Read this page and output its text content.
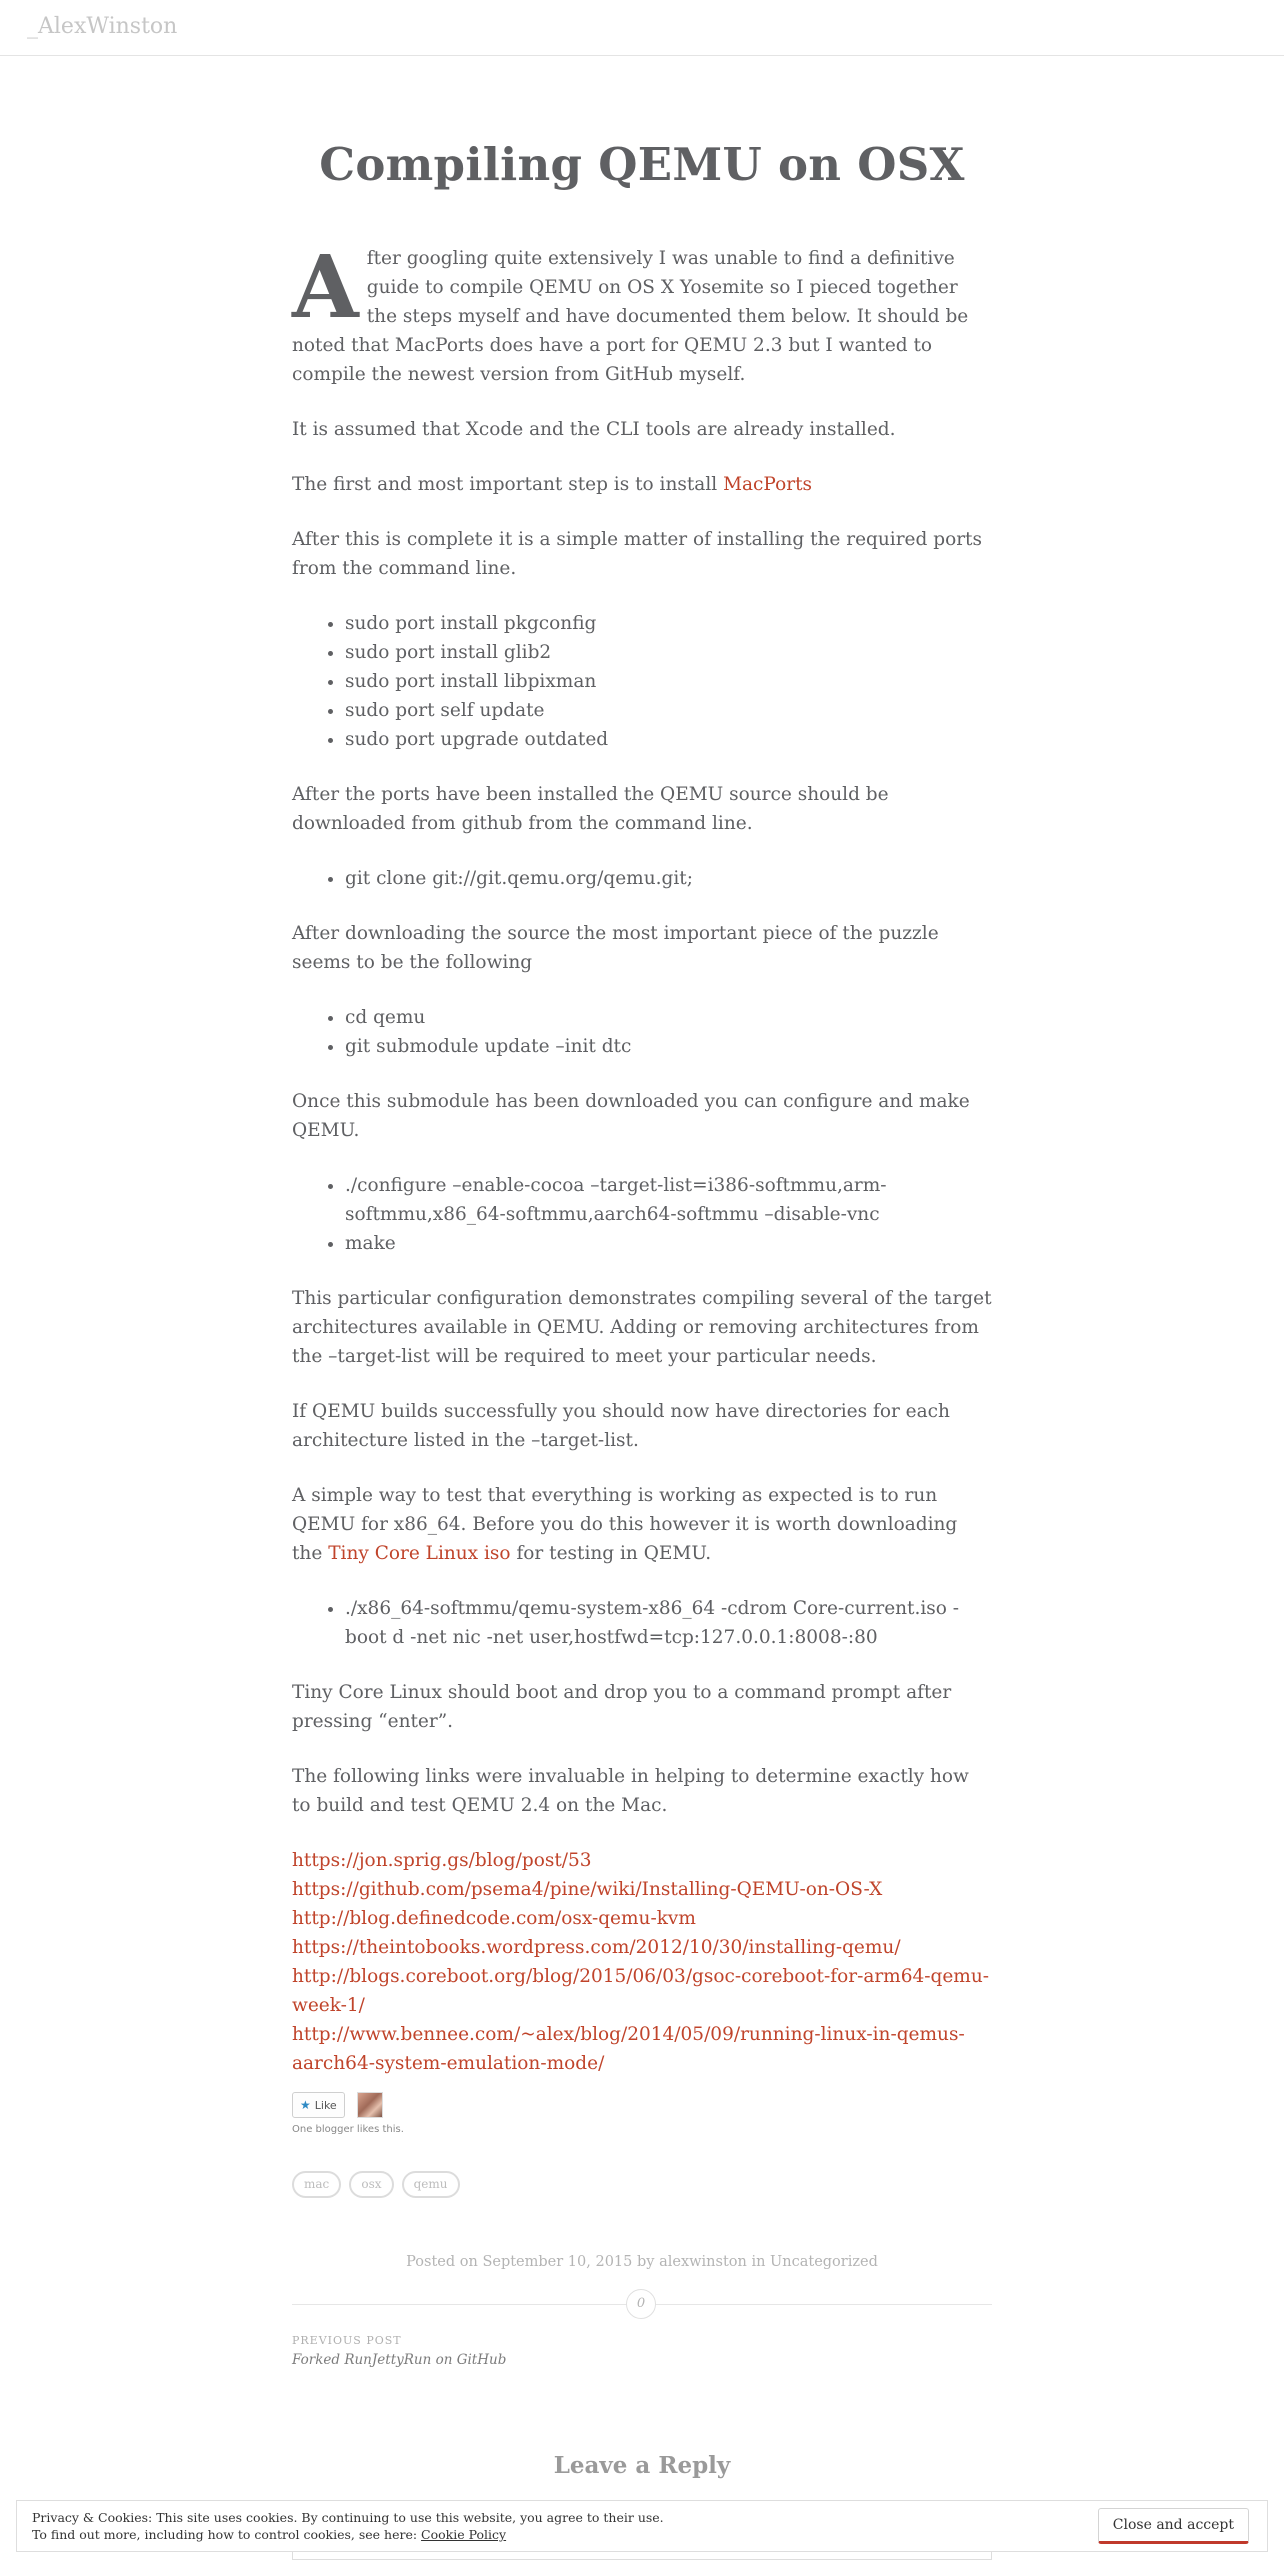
_AlexWinston
Compiling QEMU on OSX

After googling quite extensively I was unable to find a definitive guide to compile QEMU on OS X Yosemite so I pieced together the steps myself and have documented them below. It should be noted that MacPorts does have a port for QEMU 2.3 but I wanted to compile the newest version from GitHub myself.

It is assumed that Xcode and the CLI tools are already installed.

The first and most important step is to install MacPorts

After this is complete it is a simple matter of installing the required ports from the command line.

• sudo port install pkgconfig
• sudo port install glib2
• sudo port install libpixman
• sudo port self update
• sudo port upgrade outdated

After the ports have been installed the QEMU source should be downloaded from github from the command line.

• git clone git://git.qemu.org/qemu.git;

After downloading the source the most important piece of the puzzle seems to be the following

• cd qemu
• git submodule update –init dtc

Once this submodule has been downloaded you can configure and make QEMU.

• ./configure –enable-cocoa –target-list=i386-softmmu,arm-softmmu,x86_64-softmmu,aarch64-softmmu –disable-vnc
• make

This particular configuration demonstrates compiling several of the target architectures available in QEMU. Adding or removing architectures from the –target-list will be required to meet your particular needs.

If QEMU builds successfully you should now have directories for each architecture listed in the –target-list.

A simple way to test that everything is working as expected is to run QEMU for x86_64. Before you do this however it is worth downloading the Tiny Core Linux iso for testing in QEMU.

• ./x86_64-softmmu/qemu-system-x86_64 -cdrom Core-current.iso -boot d -net nic -net user,hostfwd=tcp:127.0.0.1:8008-:80

Tiny Core Linux should boot and drop you to a command prompt after pressing “enter”.

The following links were invaluable in helping to determine exactly how to build and test QEMU 2.4 on the Mac.

https://jon.sprig.gs/blog/post/53
https://github.com/psema4/pine/wiki/Installing-QEMU-on-OS-X
http://blog.definedcode.com/osx-qemu-kvm
https://theintobooks.wordpress.com/2012/10/30/installing-qemu/
http://blogs.coreboot.org/blog/2015/06/03/gsoc-coreboot-for-arm64-qemu-week-1/
http://www.bennee.com/~alex/blog/2014/05/09/running-linux-in-qemus-aarch64-system-emulation-mode/

★ Like
One blogger likes this.
mac	osx	qemu
Posted on September 10, 2015 by alexwinston in Uncategorized
0
PREVIOUS POST
Forked RunJettyRun on GitHub
Leave a Reply
Privacy & Cookies: This site uses cookies. By continuing to use this website, you agree to their use.
To find out more, including how to control cookies, see here: Cookie Policy
Close and accept
